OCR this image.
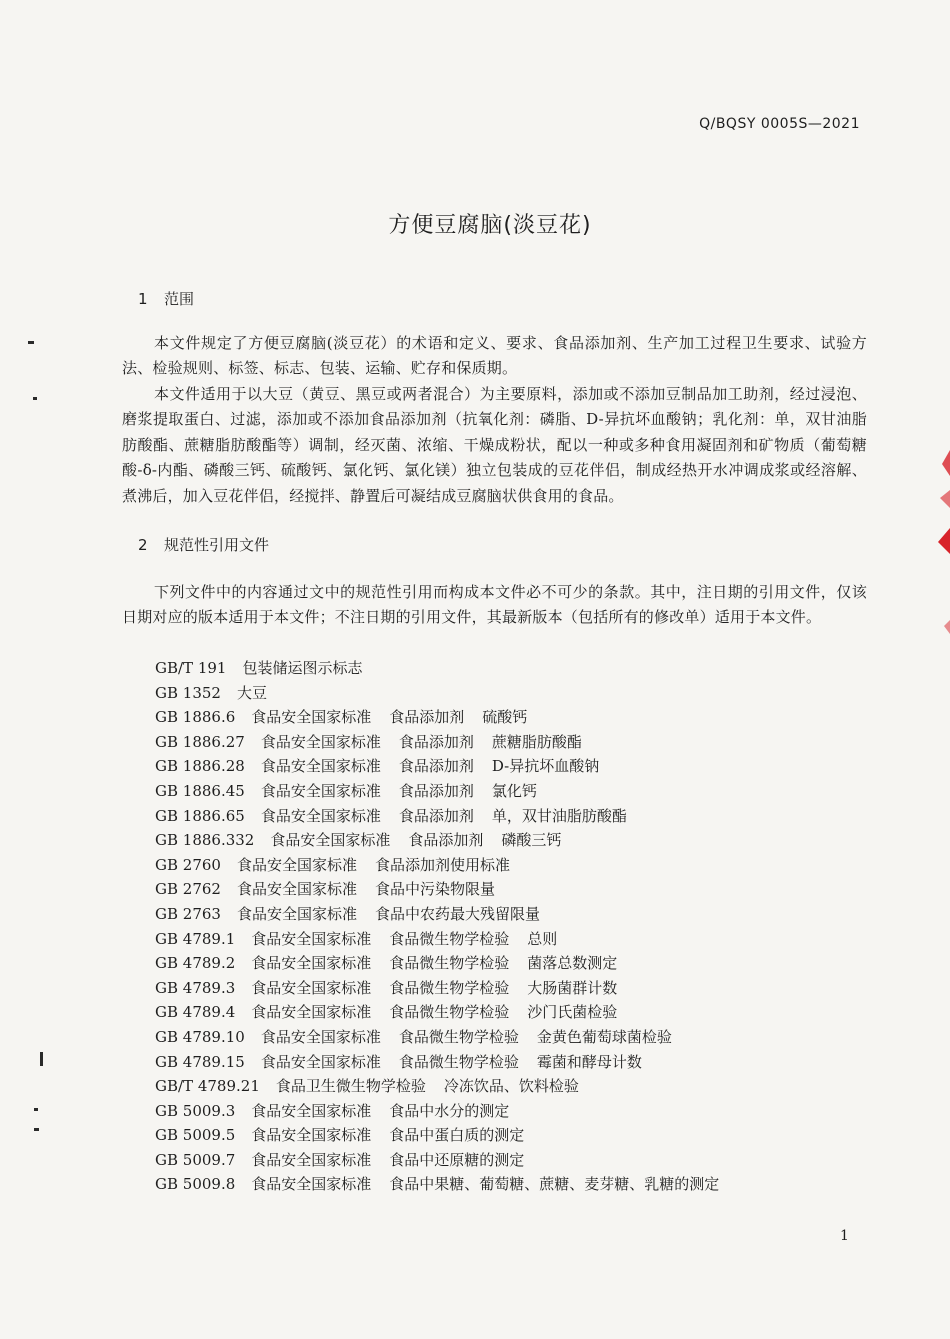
Q/BQSY 0005S—2021
方便豆腐脑(淡豆花)
1 范围

本文件规定了方便豆腐脑(淡豆花）的术语和定义、要求、食品添加剂、生产加工过程卫生要求、试验方法、检验规则、标签、标志、包装、运输、贮存和保质期。

本文件适用于以大豆（黄豆、黑豆或两者混合）为主要原料，添加或不添加豆制品加工助剂，经过浸泡、磨浆提取蛋白、过滤，添加或不添加食品添加剂（抗氧化剂：磷脂、D-异抗坏血酸钠；乳化剂：单，双甘油脂肪酸酯、蔗糖脂肪酸酯等）调制，经灭菌、浓缩、干燥成粉状，配以一种或多种食用凝固剂和矿物质（葡萄糖酸-δ-内酯、磷酸三钙、硫酸钙、氯化钙、氯化镁）独立包装成的豆花伴侣，制成经热开水冲调成浆或经溶解、煮沸后，加入豆花伴侣，经搅拌、静置后可凝结成豆腐脑状供食用的食品。

2 规范性引用文件

下列文件中的内容通过文中的规范性引用而构成本文件必不可少的条款。其中，注日期的引用文件，仅该日期对应的版本适用于本文件；不注日期的引用文件，其最新版本（包括所有的修改单）适用于本文件。

GB/T 191 包装储运图示标志
GB 1352 大豆
GB 1886.6 食品安全国家标准 食品添加剂 硫酸钙
GB 1886.27 食品安全国家标准 食品添加剂 蔗糖脂肪酸酯
GB 1886.28 食品安全国家标准 食品添加剂 D-异抗坏血酸钠
GB 1886.45 食品安全国家标准 食品添加剂 氯化钙
GB 1886.65 食品安全国家标准 食品添加剂 单，双甘油脂肪酸酯
GB 1886.332 食品安全国家标准 食品添加剂 磷酸三钙
GB 2760 食品安全国家标准 食品添加剂使用标准
GB 2762 食品安全国家标准 食品中污染物限量
GB 2763 食品安全国家标准 食品中农药最大残留限量
GB 4789.1 食品安全国家标准 食品微生物学检验 总则
GB 4789.2 食品安全国家标准 食品微生物学检验 菌落总数测定
GB 4789.3 食品安全国家标准 食品微生物学检验 大肠菌群计数
GB 4789.4 食品安全国家标准 食品微生物学检验 沙门氏菌检验
GB 4789.10 食品安全国家标准 食品微生物学检验 金黄色葡萄球菌检验
GB 4789.15 食品安全国家标准 食品微生物学检验 霉菌和酵母计数
GB/T 4789.21 食品卫生微生物学检验 冷冻饮品、饮料检验
GB 5009.3 食品安全国家标准 食品中水分的测定
GB 5009.5 食品安全国家标准 食品中蛋白质的测定
GB 5009.7 食品安全国家标准 食品中还原糖的测定
GB 5009.8 食品安全国家标准 食品中果糖、葡萄糖、蔗糖、麦芽糖、乳糖的测定
1
